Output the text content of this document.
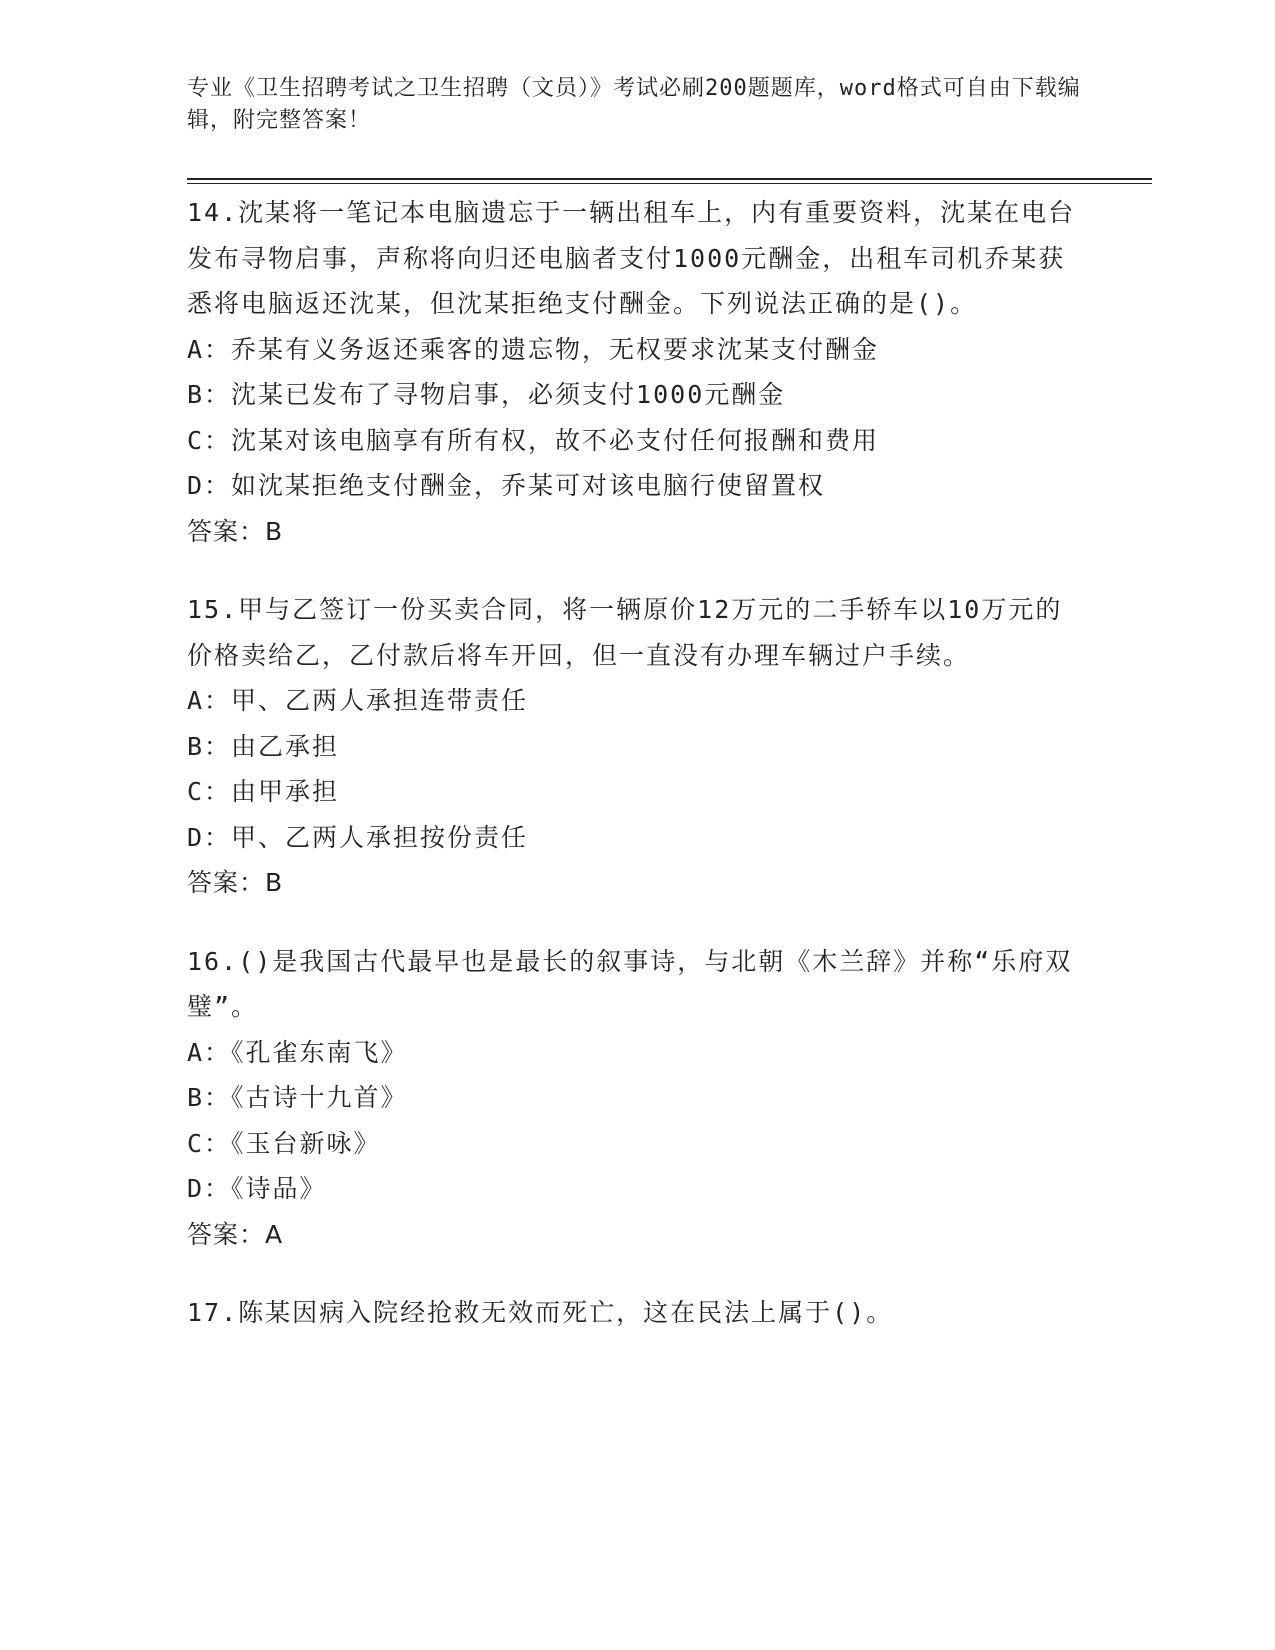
专业《卫生招聘考试之卫生招聘（文员）》考试必刷200题题库，word格式可自由下载编辑，附完整答案！

14.沈某将一笔记本电脑遗忘于一辆出租车上，内有重要资料，沈某在电台发布寻物启事，声称将向归还电脑者支付1000元酬金，出租车司机乔某获悉将电脑返还沈某，但沈某拒绝支付酬金。下列说法正确的是()。

A：乔某有义务返还乘客的遗忘物，无权要求沈某支付酬金

B：沈某已发布了寻物启事，必须支付1000元酬金

C：沈某对该电脑享有所有权，故不必支付任何报酬和费用

D：如沈某拒绝支付酬金，乔某可对该电脑行使留置权

答案：B

15.甲与乙签订一份买卖合同，将一辆原价12万元的二手轿车以10万元的价格卖给乙，乙付款后将车开回，但一直没有办理车辆过户手续。

A：甲、乙两人承担连带责任

B：由乙承担

C：由甲承担

D：甲、乙两人承担按份责任

答案：B

16.()是我国古代最早也是最长的叙事诗，与北朝《木兰辞》并称“乐府双璧”。

A：《孔雀东南飞》

B：《古诗十九首》

C：《玉台新咏》

D：《诗品》

答案：A

17.陈某因病入院经抢救无效而死亡，这在民法上属于()。
